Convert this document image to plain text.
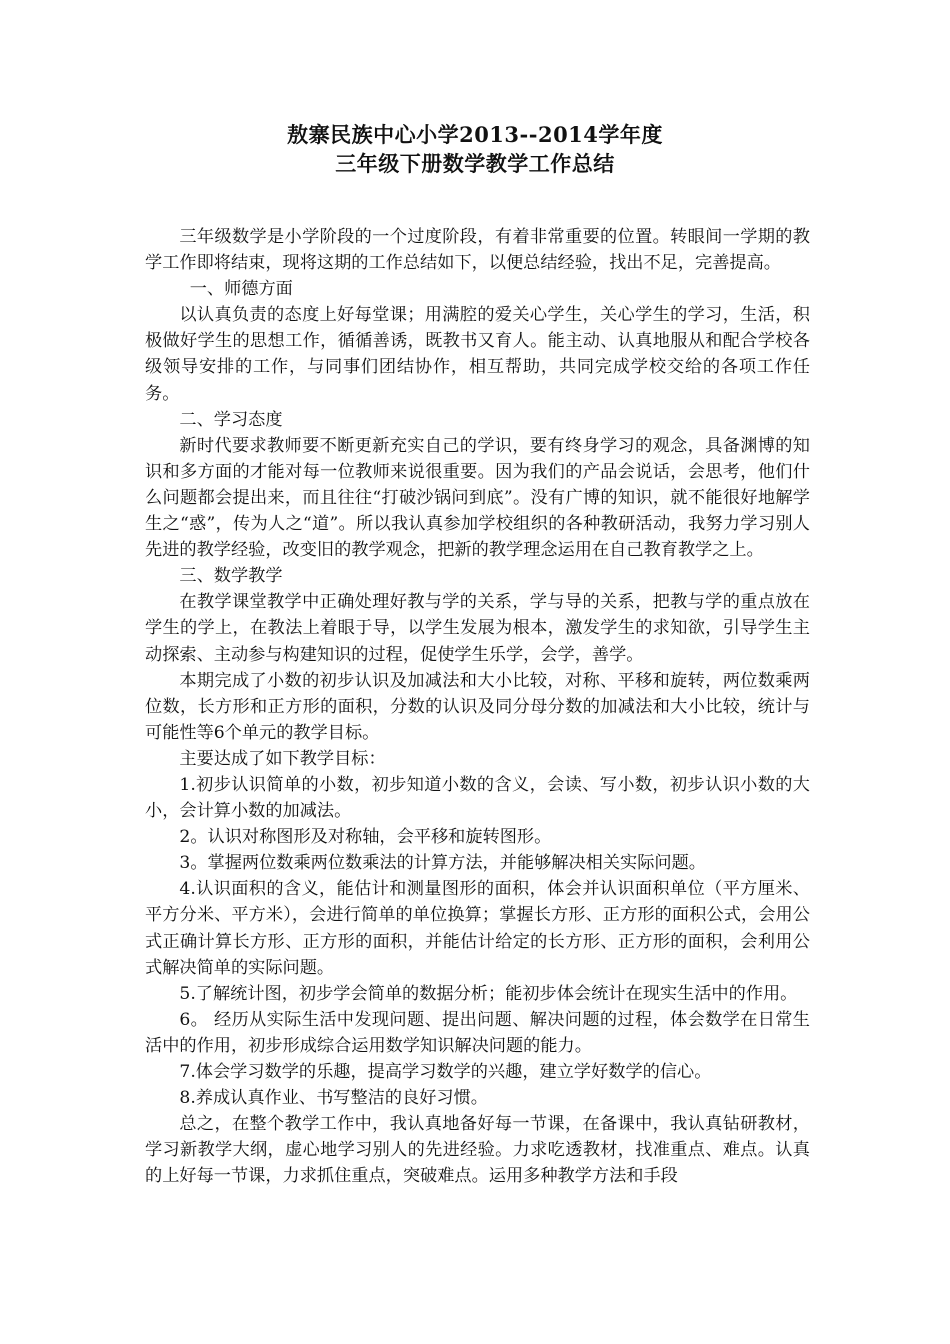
敖寨民族中心小学2013--2014学年度
三年级下册数学教学工作总结

三年级数学是小学阶段的一个过度阶段，有着非常重要的位置。转眼间一学期的教学工作即将结束，现将这期的工作总结如下，以便总结经验，找出不足，完善提高。

一、师德方面

以认真负责的态度上好每堂课；用满腔的爱关心学生，关心学生的学习，生活，积极做好学生的思想工作，循循善诱，既教书又育人。能主动、认真地服从和配合学校各级领导安排的工作，与同事们团结协作，相互帮助，共同完成学校交给的各项工作任务。

二、学习态度

新时代要求教师要不断更新充实自己的学识，要有终身学习的观念，具备渊博的知识和多方面的才能对每一位教师来说很重要。因为我们的产品会说话，会思考，他们什么问题都会提出来，而且往往“打破沙锅问到底”。没有广博的知识，就不能很好地解学生之“惑”，传为人之“道”。所以我认真参加学校组织的各种教研活动，我努力学习别人先进的教学经验，改变旧的教学观念，把新的教学理念运用在自己教育教学之上。

三、数学教学

在教学课堂教学中正确处理好教与学的关系，学与导的关系，把教与学的重点放在学生的学上，在教法上着眼于导，以学生发展为根本，激发学生的求知欲，引导学生主动探索、主动参与构建知识的过程，促使学生乐学，会学，善学。

本期完成了小数的初步认识及加减法和大小比较，对称、平移和旋转，两位数乘两位数，长方形和正方形的面积，分数的认识及同分母分数的加减法和大小比较，统计与可能性等6个单元的教学目标。

主要达成了如下教学目标：

1.初步认识简单的小数，初步知道小数的含义，会读、写小数，初步认识小数的大小，会计算小数的加减法。

2。认识对称图形及对称轴，会平移和旋转图形。

3。掌握两位数乘两位数乘法的计算方法，并能够解决相关实际问题。

4.认识面积的含义，能估计和测量图形的面积，体会并认识面积单位（平方厘米、平方分米、平方米），会进行简单的单位换算；掌握长方形、正方形的面积公式，会用公式正确计算长方形、正方形的面积，并能估计给定的长方形、正方形的面积，会利用公式解决简单的实际问题。

5.了解统计图，初步学会简单的数据分析；能初步体会统计在现实生活中的作用。

6。 经历从实际生活中发现问题、提出问题、解决问题的过程，体会数学在日常生活中的作用，初步形成综合运用数学知识解决问题的能力。

7.体会学习数学的乐趣，提高学习数学的兴趣，建立学好数学的信心。

8.养成认真作业、书写整洁的良好习惯。

总之，在整个教学工作中，我认真地备好每一节课，在备课中，我认真钻研教材，学习新教学大纲，虚心地学习别人的先进经验。力求吃透教材，找准重点、难点。认真的上好每一节课，力求抓住重点，突破难点。运用多种教学方法和手段
